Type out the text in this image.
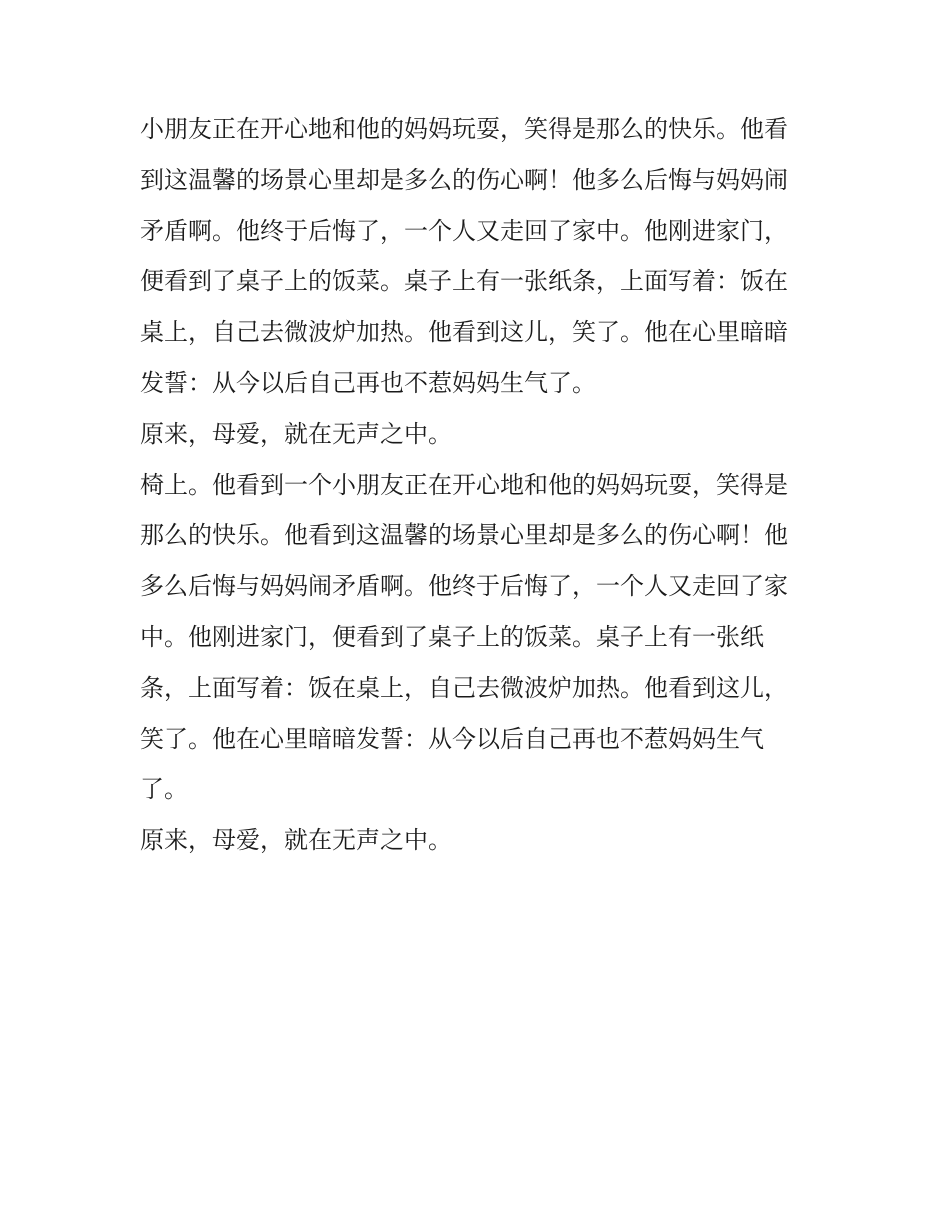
小朋友正在开心地和他的妈妈玩耍，笑得是那么的快乐。他看
到这温馨的场景心里却是多么的伤心啊！他多么后悔与妈妈闹
矛盾啊。他终于后悔了，一个人又走回了家中。他刚进家门，
便看到了桌子上的饭菜。桌子上有一张纸条，上面写着：饭在
桌上，自己去微波炉加热。他看到这儿，笑了。他在心里暗暗
发誓：从今以后自己再也不惹妈妈生气了。
原来，母爱，就在无声之中。
椅上。他看到一个小朋友正在开心地和他的妈妈玩耍，笑得是
那么的快乐。他看到这温馨的场景心里却是多么的伤心啊！他
多么后悔与妈妈闹矛盾啊。他终于后悔了，一个人又走回了家
中。他刚进家门，便看到了桌子上的饭菜。桌子上有一张纸
条，上面写着：饭在桌上，自己去微波炉加热。他看到这儿，
笑了。他在心里暗暗发誓：从今以后自己再也不惹妈妈生气
了。
原来，母爱，就在无声之中。
